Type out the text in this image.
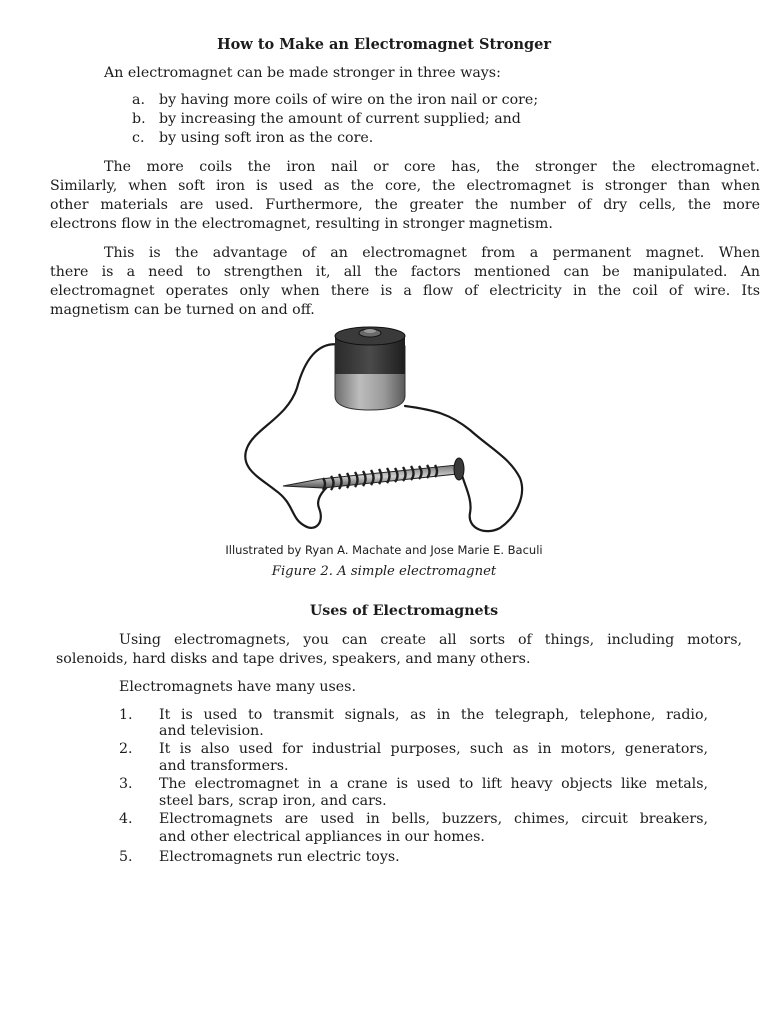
How to Make an Electromagnet Stronger
An electromagnet can be made stronger in three ways:
a. by having more coils of wire on the iron nail or core;
b. by increasing the amount of current supplied; and
c. by using soft iron as the core.
The more coils the iron nail or core has, the stronger the electromagnet.
Similarly, when soft iron is used as the core, the electromagnet is stronger than when
other materials are used. Furthermore, the greater the number of dry cells, the more
electrons flow in the electromagnet, resulting in stronger magnetism.
This is the advantage of an electromagnet from a permanent magnet. When
there is a need to strengthen it, all the factors mentioned can be manipulated. An
electromagnet operates only when there is a flow of electricity in the coil of wire. Its
magnetism can be turned on and off.
Illustrated by Ryan A. Machate and Jose Marie E. Baculi
Figure 2. A simple electromagnet
Uses of Electromagnets
Using electromagnets, you can create all sorts of things, including motors,
solenoids, hard disks and tape drives, speakers, and many others.
Electromagnets have many uses.
1. It is used to transmit signals, as in the telegraph, telephone, radio,
and television.
2. It is also used for industrial purposes, such as in motors, generators,
and transformers.
3. The electromagnet in a crane is used to lift heavy objects like metals,
steel bars, scrap iron, and cars.
4. Electromagnets are used in bells, buzzers, chimes, circuit breakers,
and other electrical appliances in our homes.
5. Electromagnets run electric toys.
